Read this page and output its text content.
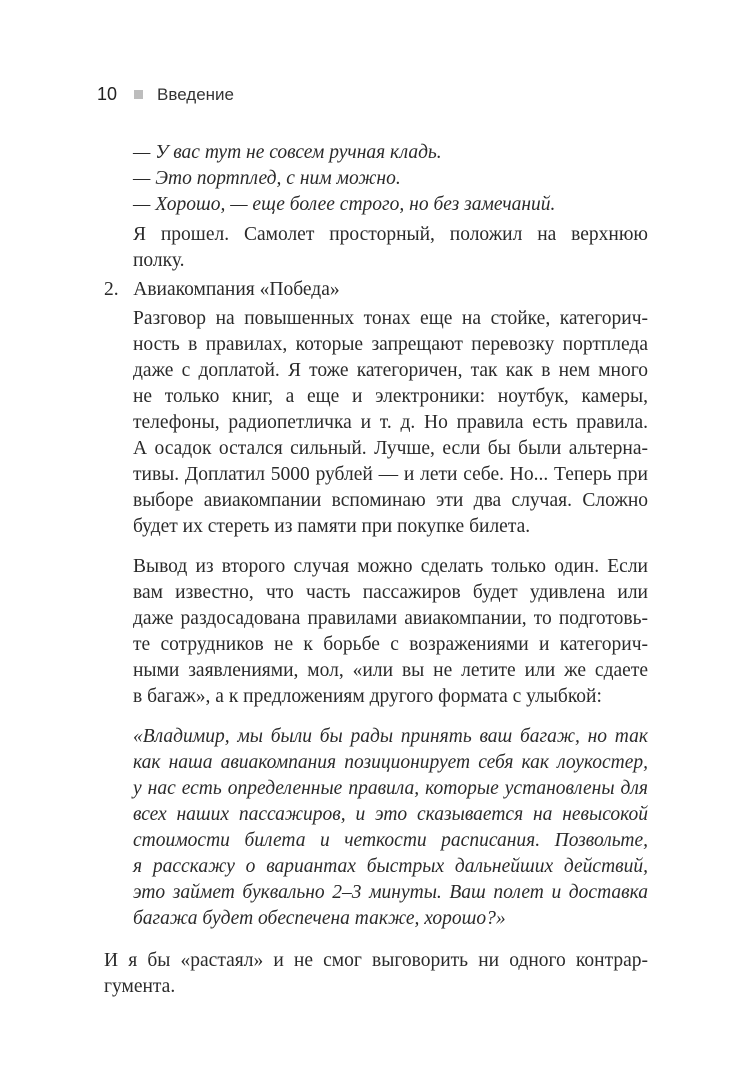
10 Введение
— У вас тут не совсем ручная кладь.
— Это портплед, с ним можно.
— Хорошо, — еще более строго, но без замечаний.
Я прошел. Самолет просторный, положил на верхнюю
полку.
2. Авиакомпания «Победа»
Разговор на повышенных тонах еще на стойке, категорич-
ность в правилах, которые запрещают перевозку портпледа
даже с доплатой. Я тоже категоричен, так как в нем много
не только книг, а еще и электроники: ноутбук, камеры,
телефоны, радиопетличка и т. д. Но правила есть правила.
А осадок остался сильный. Лучше, если бы были альтерна-
тивы. Доплатил 5000 рублей — и лети себе. Но... Теперь при
выборе авиакомпании вспоминаю эти два случая. Сложно
будет их стереть из памяти при покупке билета.
Вывод из второго случая можно сделать только один. Если
вам известно, что часть пассажиров будет удивлена или
даже раздосадована правилами авиакомпании, то подготовь-
те сотрудников не к борьбе с возражениями и категорич-
ными заявлениями, мол, «или вы не летите или же сдаете
в багаж», а к предложениям другого формата с улыбкой:
«Владимир, мы были бы рады принять ваш багаж, но так
как наша авиакомпания позиционирует себя как лоукостер,
у нас есть определенные правила, которые установлены для
всех наших пассажиров, и это сказывается на невысокой
стоимости билета и четкости расписания. Позвольте,
я расскажу о вариантах быстрых дальнейших действий,
это займет буквально 2–3 минуты. Ваш полет и доставка
багажа будет обеспечена также, хорошо?»
И я бы «растаял» и не смог выговорить ни одного контрар-
гумента.
